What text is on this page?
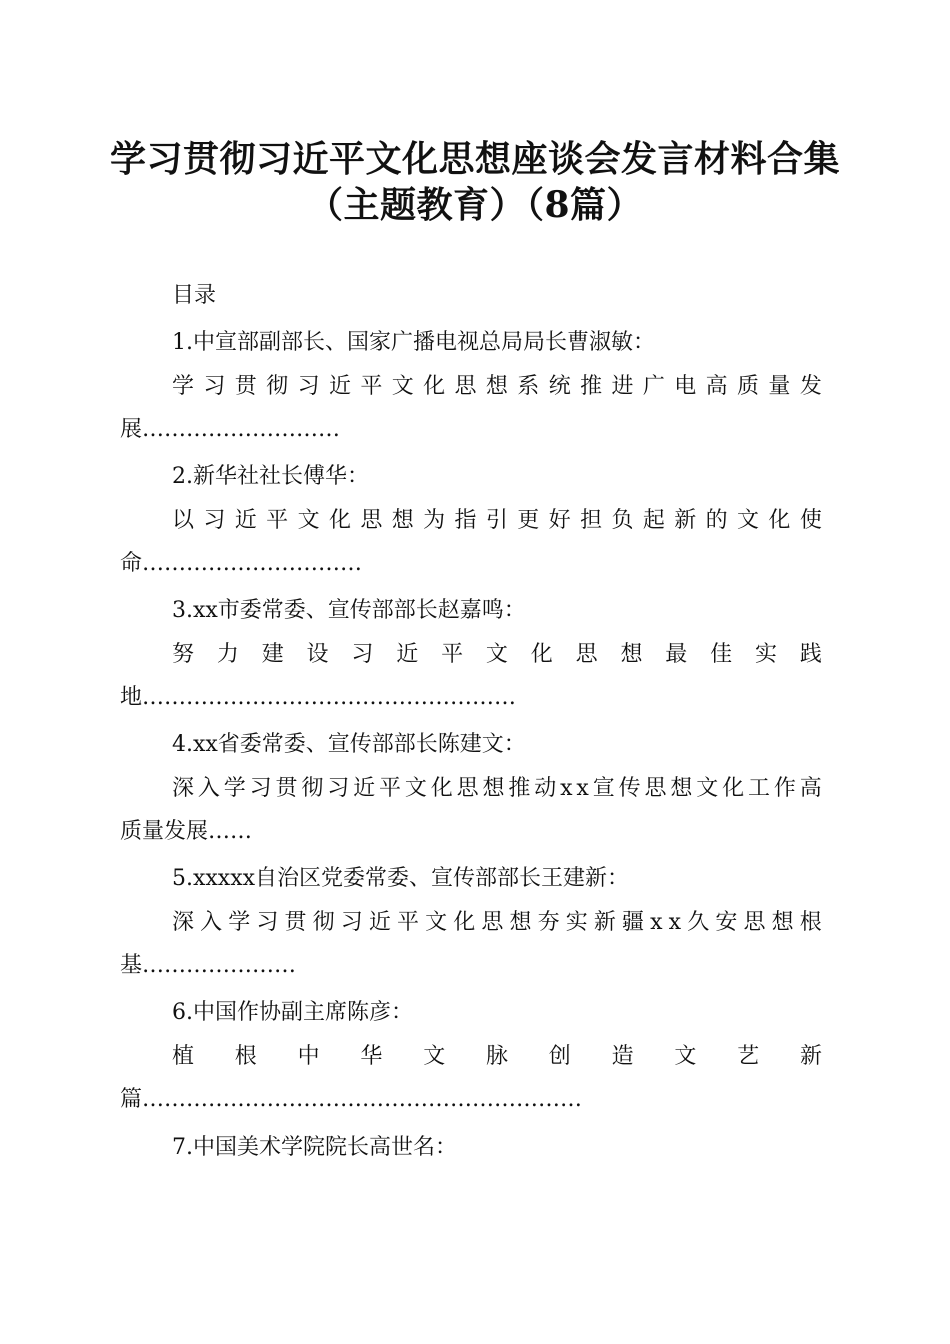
学习贯彻习近平文化思想座谈会发言材料合集
（主题教育）（8篇）
目录
1.中宣部副部长、国家广播电视总局局长曹淑敏：
学 习 贯 彻 习 近 平 文 化 思 想 系 统 推 进 广 电 高 质 量 发
展………………………
2.新华社社长傅华：
以 习 近 平 文 化 思 想 为 指 引 更 好 担 负 起 新 的 文 化 使
命…………………………
3.xx市委常委、宣传部部长赵嘉鸣：
努 力 建 设 习 近 平 文 化 思 想 最 佳 实 践
地……………………………………………
4.xx省委常委、宣传部部长陈建文：
深 入 学 习 贯 彻 习 近 平 文 化 思 想 推 动 x x 宣 传 思 想 文 化 工 作 高
质量发展……
5.xxxxx自治区党委常委、宣传部部长王建新：
深 入 学 习 贯 彻 习 近 平 文 化 思 想 夯 实 新 疆 x x 久 安 思 想 根
基…………………
6.中国作协副主席陈彦：
植 根 中 华 文 脉 创 造 文 艺 新
篇……………………………………………………
7.中国美术学院院长高世名：
